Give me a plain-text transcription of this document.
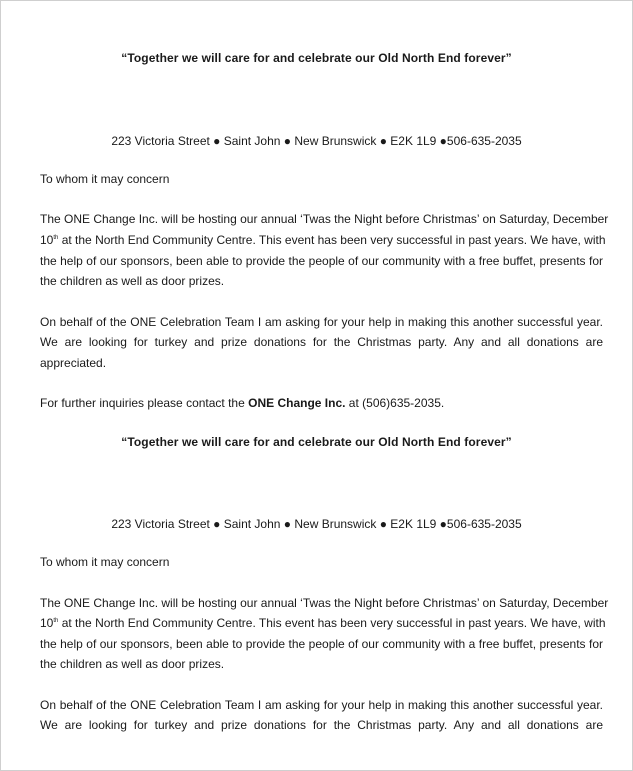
“Together we will care for and celebrate our Old North End forever”
223 Victoria Street ● Saint John ● New Brunswick ● E2K 1L9 ●506-635-2035
To whom it may concern
The ONE Change Inc. will be hosting our annual ‘Twas the Night before Christmas’ on Saturday, December
10th at the North End Community Centre. This event has been very successful in past years. We have, with
the help of our sponsors, been able to provide the people of our community with a free buffet, presents for
the children as well as door prizes.
On behalf of the ONE Celebration Team I am asking for your help in making this another successful year.
We are looking for turkey and prize donations for the Christmas party. Any and all donations are
appreciated.
For further inquiries please contact the ONE Change Inc. at (506)635-2035.
“Together we will care for and celebrate our Old North End forever”
223 Victoria Street ● Saint John ● New Brunswick ● E2K 1L9 ●506-635-2035
To whom it may concern
The ONE Change Inc. will be hosting our annual ‘Twas the Night before Christmas’ on Saturday, December
10th at the North End Community Centre. This event has been very successful in past years. We have, with
the help of our sponsors, been able to provide the people of our community with a free buffet, presents for
the children as well as door prizes.
On behalf of the ONE Celebration Team I am asking for your help in making this another successful year.
We are looking for turkey and prize donations for the Christmas party. Any and all donations are
